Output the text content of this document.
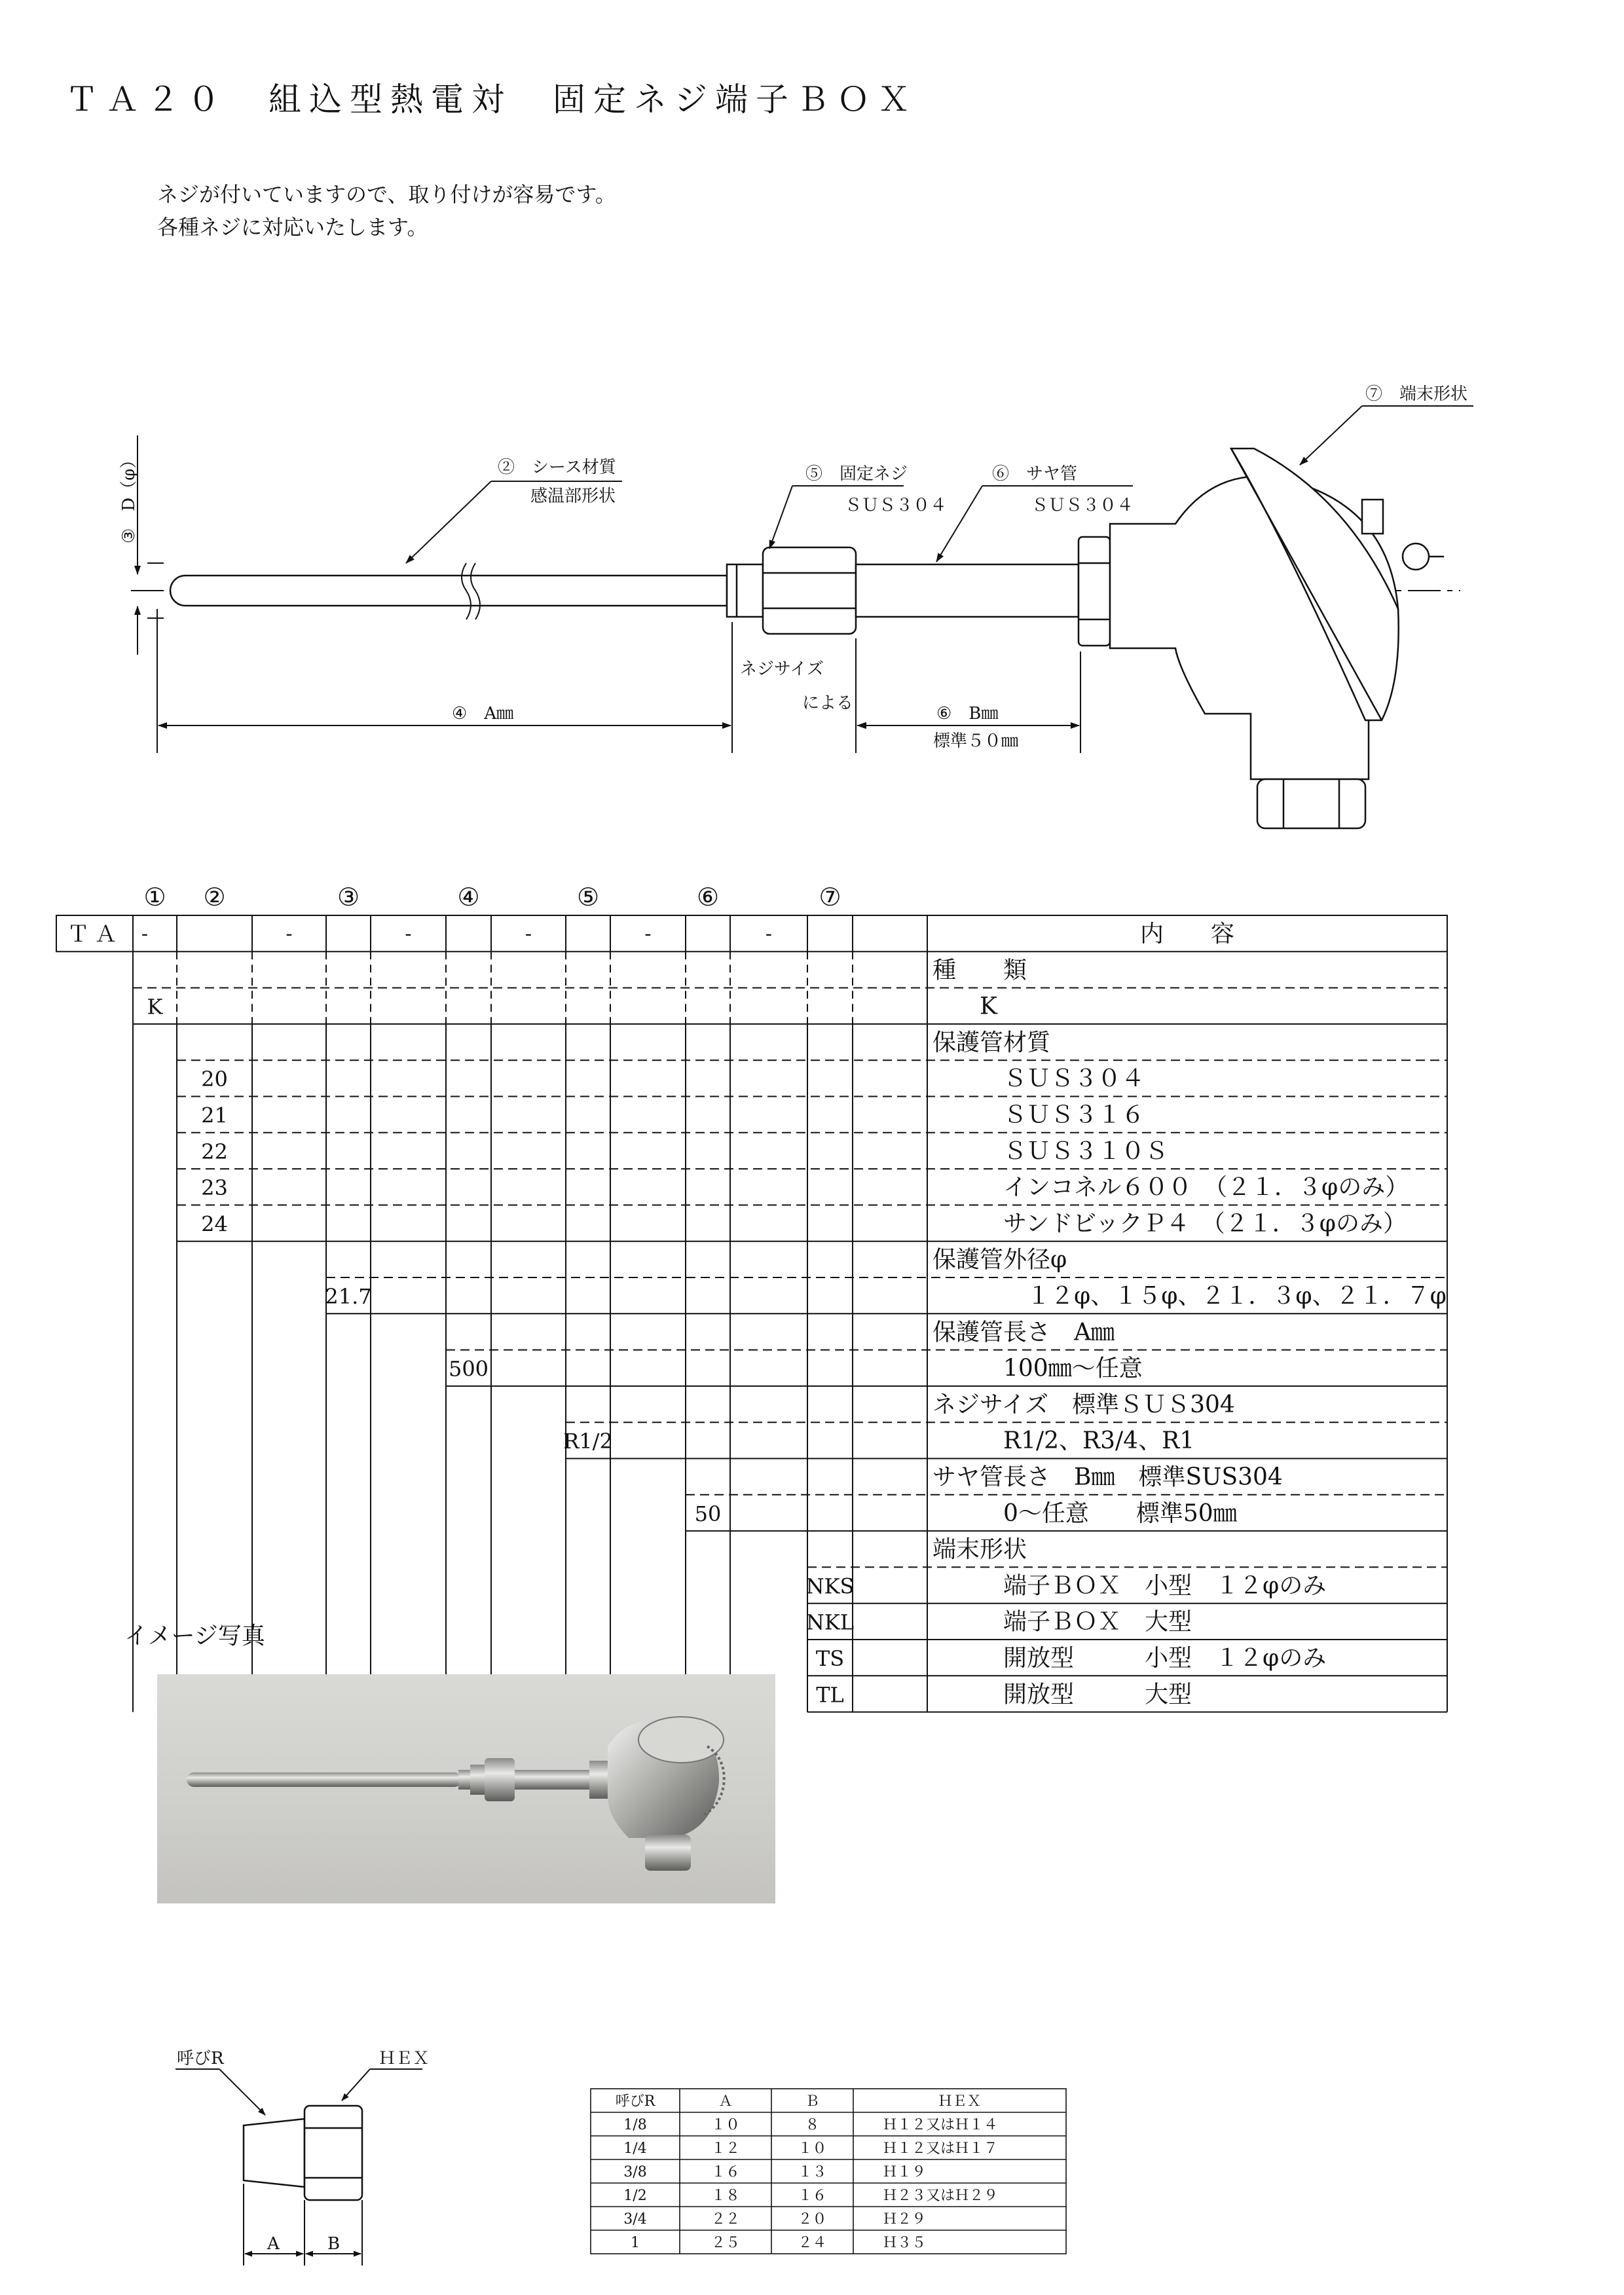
ＴＡ２０　組込型熱電対　固定ネジ端子ＢＯＸ
ネジが付いていますので、取り付けが容易です。
各種ネジに対応いたします。
③　D（φ）	②　シース材質
感温部形状
⑤　固定ネジ
ＳＵＳ３０４
⑥　サヤ管
ＳＵＳ３０４
⑦　端末形状
④　A㎜
ネジサイズ
による
⑥　B㎜
標準５０㎜
① ②	③	④	⑤	⑥	⑦
ＴＡ -	-	-	-	-	-	内　　容
種　　類
K	　　K
保護管材質
20	　　　ＳＵＳ３０４
21	　　　ＳＵＳ３１６
22	　　　ＳＵＳ３１０Ｓ
23	　　　インコネル６００　（２１．３φのみ）
24	　　　サンドビックＰ４　（２１．３φのみ）
保護管外径φ
21.7	　　　　１２φ、１５φ、２１．３φ、２１．７φ
保護管長さ　A㎜
500	　　　100㎜～任意
ネジサイズ　標準ＳＵＳ304
R1/2	　　　R1/2、R3/4、R1
サヤ管長さ　B㎜　標準SUS304
50	　　　0～任意　　標準50㎜
端末形状
NKS	　　　端子ＢＯＸ　小型　１２φのみ
NKL	　　　端子ＢＯＸ　大型
TS	　　　開放型　　　小型　１２φのみ
TL	　　　開放型　　　大型
イメージ写真
呼びR	ＨＥＸ
A	B
呼びR	Ａ	Ｂ	ＨＥＸ
1/8	１０	８	Ｈ１２又はＨ１４
1/4	１２	１０	Ｈ１２又はＨ１７
3/8	１６	１３	Ｈ１９
1/2	１８	１６	Ｈ２３又はＨ２９
3/4	２２	２０	Ｈ２９
1	２５	２４	Ｈ３５
